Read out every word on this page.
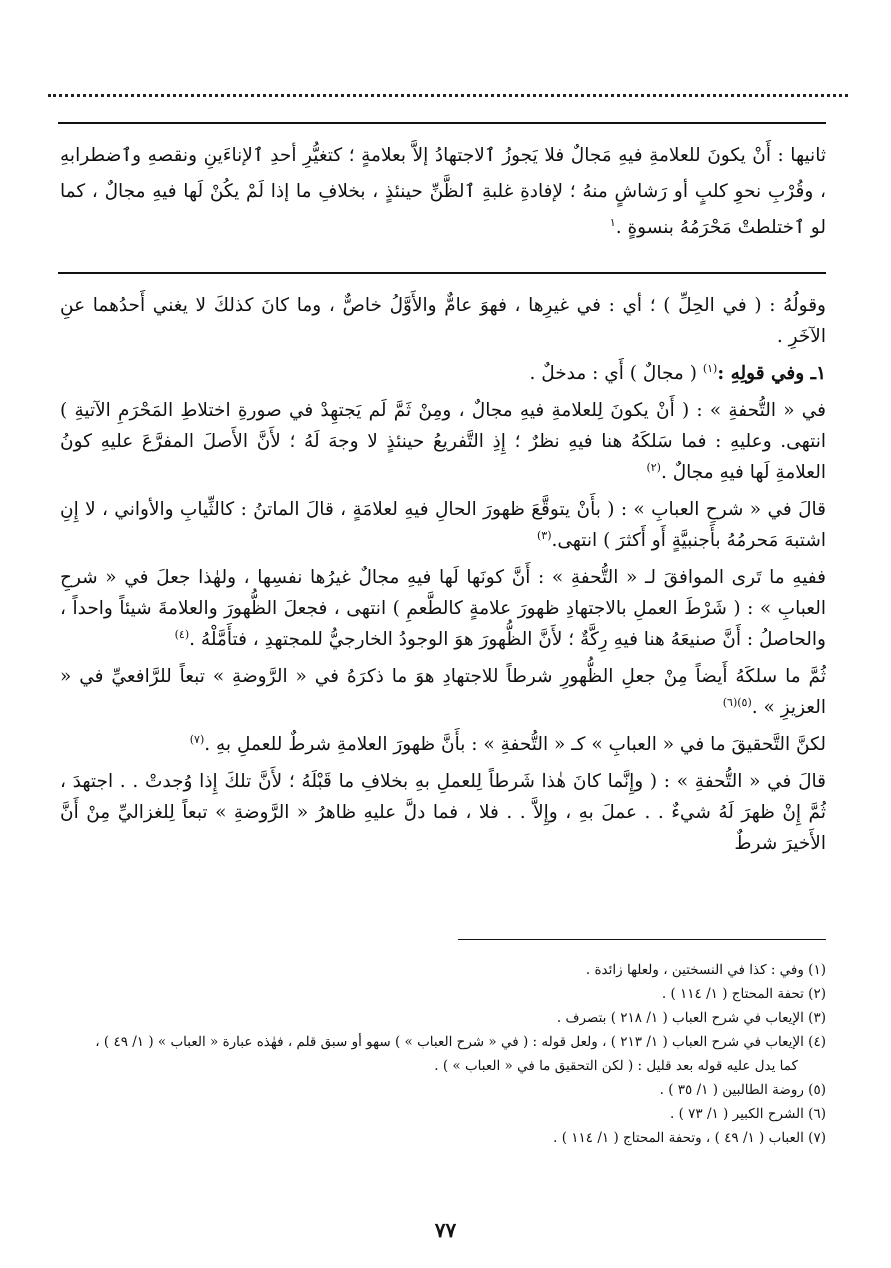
ثانيها : أَنْ يكونَ للعلامةِ فيهِ مَجالٌ فلا يَجوزُ ٱلاجتهادُ إلاَّ بعلامةٍ ؛ كتغيُّرِ أحدِ ٱلإناءَينِ ونقصهِ وٱضطرابهِ ، وقُرْبِ نحوِ كلبٍ أو رَشاشٍ منهُ ؛ لإفادةِ غلبةِ ٱلظَّنِّ حينئذٍ ، بخلافِ ما إذا لَمْ يكُنْ لَها فيهِ مجالٌ ، كما لو ٱختلطتْ مَحْرَمُهُ بنسوةٍ .$^١$

وقولُهُ : ( في الحِلِّ ) ؛ أي : في غيرِها ، فهوَ عامٌّ والأَوَّلُ خاصٌّ ، وما كانَ كذلكَ لا يغني أَحدُهما عنِ الآخَرِ .

١ـ وفي قولِهِ :$^{(١)}$ ( مجالٌ ) أَي : مدخلٌ .

في « التُّحفةِ » : ( أَنْ يكونَ لِلعلامةِ فيهِ مجالٌ ، ومِنْ ثَمَّ لَم يَجتهِدْ في صورةِ اختلاطِ المَحْرَمِ الآتيةِ ) انتهى. وعليهِ : فما سَلكَهُ هنا فيهِ نظرٌ ؛ إِذِ التَّفريعُ حينئذٍ لا وجهَ لَهُ ؛ لأَنَّ الأَصلَ المفرَّعَ عليهِ كونُ العلامةِ لَها فيهِ مجالٌ .$^{(٢)}$

قالَ في « شرحِ العبابِ » : ( بأَنْ يتوقَّعَ ظهورَ الحالِ فيهِ لعلامَةٍ ، قالَ الماتنُ : كالثِّيابِ والأواني ، لا إِنِ اشتبهَ مَحرمُهُ بأَجنبيَّةٍ أَو أَكثرَ ) انتهى.$^{(٣)}$

ففيهِ ما تَرى الموافقَ لـ « التُّحفةِ » : أَنَّ كونَها لَها فيهِ مجالٌ غيرُها نفسِها ، ولهٰذا جعلَ في « شرحِ العبابِ » : ( شَرْطَ العملِ بالاجتهادِ ظهورَ علامةٍ كالطَّعمِ ) انتهى ، فجعلَ الظُّهورَ والعلامةَ شيئاً واحداً ، والحاصلُ : أَنَّ صنيعَهُ هنا فيهِ رِكَّةٌ ؛ لأَنَّ الظُّهورَ هوَ الوجودُ الخارجيُّ للمجتهدِ ، فتأَمَّلْهُ .$^{(٤)}$

ثُمَّ ما سلكَهُ أَيضاً مِنْ جعلِ الظُّهورِ شرطاً للاجتهادِ هوَ ما ذكرَهُ في « الرَّوضةِ » تبعاً للرَّافعيِّ في « العزيزِ » .$^{(٥)(٦)}$

لكنَّ التَّحقيقَ ما في « العبابِ » كـ « التُّحفةِ » : بأَنَّ ظهورَ العلامةِ شرطٌ للعملِ بهِ .$^{(٧)}$

قالَ في « التُّحفةِ » : ( وإِنَّما كانَ هٰذا شَرطاً لِلعملِ بهِ بخلافِ ما قَبْلَهُ ؛ لأَنَّ تلكَ إِذا وُجدتْ . . اجتهدَ ، ثُمَّ إِنْ ظهرَ لَهُ شيءٌ . . عملَ بهِ ، وإِلاَّ . . فلا ، فما دلَّ عليهِ ظاهرُ « الرَّوضةِ » تبعاً لِلغزاليِّ مِنْ أَنَّ الأَخيرَ شرطٌ

(١) وفي : كذا في النسختين ، ولعلها زائدة .
(٢) تحفة المحتاج ( ١/ ١١٤ ) .
(٣) الإيعاب في شرح العباب ( ١/ ٢١٨ ) بتصرف .
(٤) الإيعاب في شرح العباب ( ١/ ٢١٣ ) ، ولعل قوله : ( في « شرح العباب » ) سهو أو سبق قلم ، فهٰذه عبارة « العباب » ( ١/ ٤٩ ) ،
كما يدل عليه قوله بعد قليل : ( لكن التحقيق ما في « العباب » ) .
(٥) روضة الطالبين ( ١/ ٣٥ ) .
(٦) الشرح الكبير ( ١/ ٧٣ ) .
(٧) العباب ( ١/ ٤٩ ) ، وتحفة المحتاج ( ١/ ١١٤ ) .
٧٧
